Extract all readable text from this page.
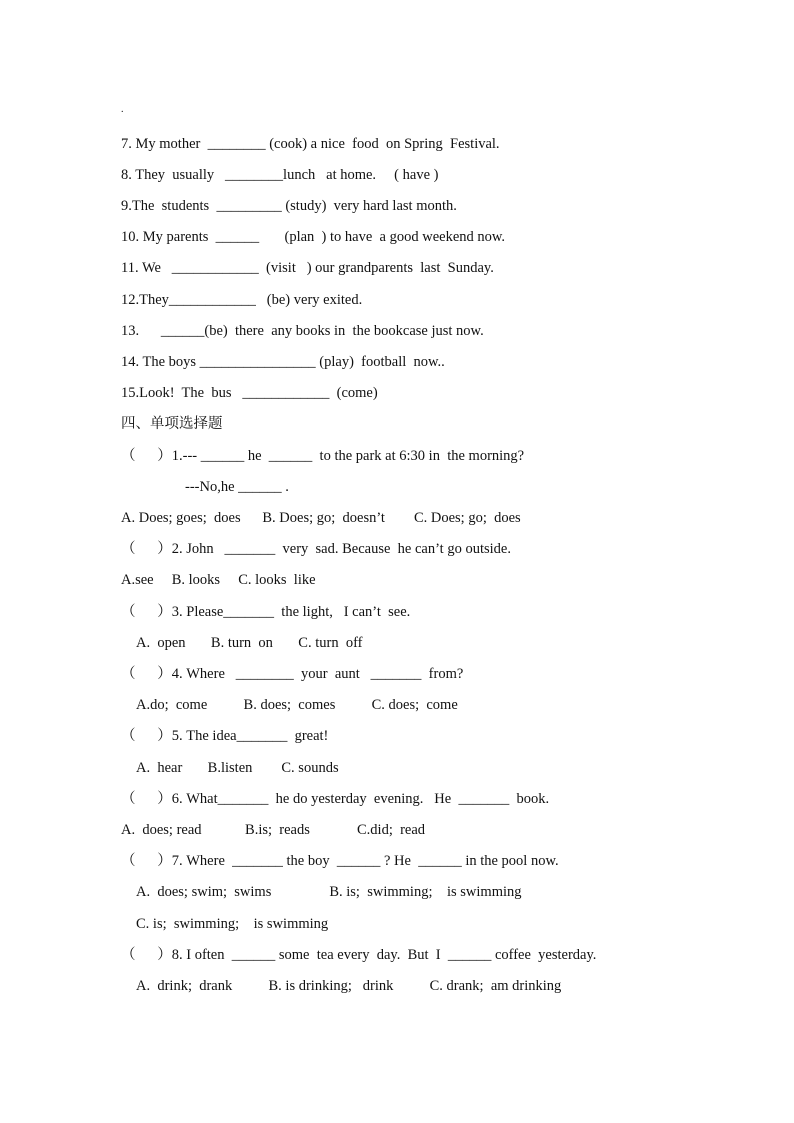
.
7. My mother  ________ (cook) a nice  food  on Spring  Festival.
8. They  usually   ________lunch   at home.     ( have )
9.The  students  _________ (study)  very hard last month.
10. My parents  ______       (plan  ) to have  a good weekend now.
11. We   ____________  (visit   ) our grandparents  last  Sunday.
12.They____________   (be) very exited.
13.      ______(be)  there  any books in  the bookcase just now.
14. The boys ________________ (play)  football  now..
15.Look!  The  bus   ____________  (come)
四、单项选择题
（      ）1.--- ______ he  ______  to the park at 6:30 in  the morning?
---No,he ______ .
A. Does; goes;  does      B. Does; go;  doesn’t        C. Does; go;  does
（      ）2. John   _______  very  sad. Because  he can’t go outside.
A.see     B. looks     C. looks  like
（      ）3. Please_______  the light,   I can’t  see.
A.  open       B. turn  on       C. turn  off
（      ）4. Where   ________  your  aunt   _______  from?
A.do;  come          B. does;  comes          C. does;  come
（      ）5. The idea_______  great!
A.  hear       B.listen        C. sounds
（      ）6. What_______  he do yesterday  evening.   He  _______  book.
A.  does; read            B.is;  reads             C.did;  read
（      ）7. Where  _______ the boy  ______ ? He  ______ in the pool now.
A.  does; swim;  swims                B. is;  swimming;    is swimming
C. is;  swimming;    is swimming
（      ）8. I often  ______ some  tea every  day.  But  I  ______ coffee  yesterday.
A.  drink;  drank          B. is drinking;   drink          C. drank;  am drinking
